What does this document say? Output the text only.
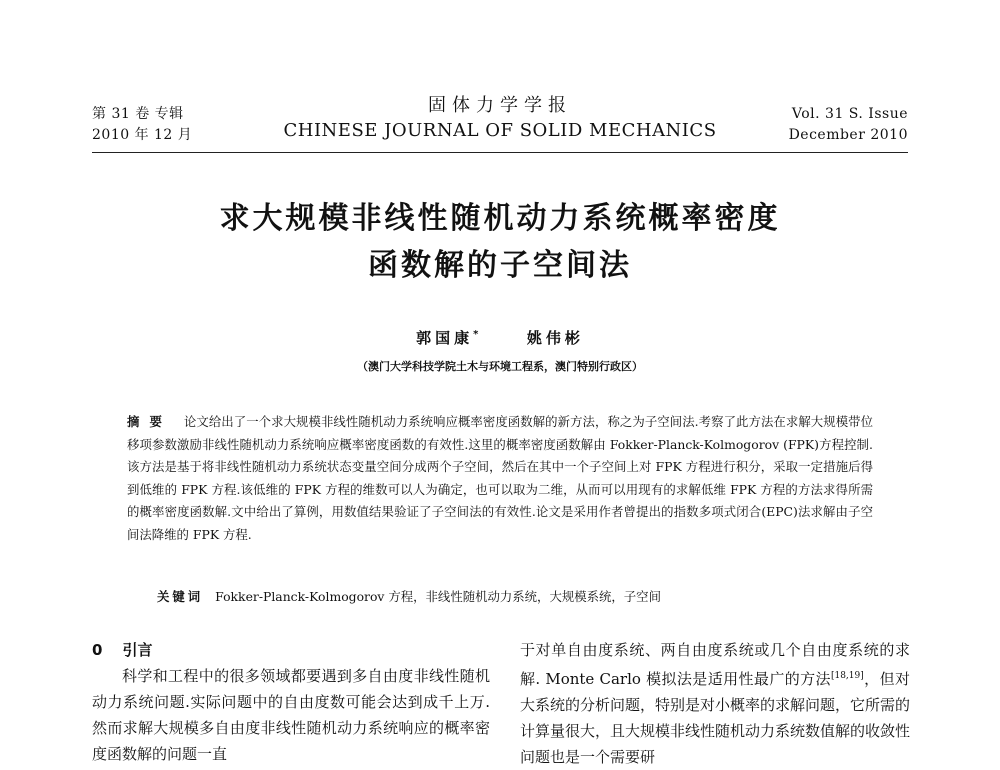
第 31 卷 专辑
2010 年 12 月
固体力学学报
CHINESE JOURNAL OF SOLID MECHANICS
Vol. 31 S. Issue
December 2010
求大规模非线性随机动力系统概率密度
函数解的子空间法
郭国康*	姚伟彬
（澳门大学科技学院土木与环境工程系，澳门特别行政区）
摘要 论文给出了一个求大规模非线性随机动力系统响应概率密度函数解的新方法，称之为子空间法.考察了此方法在求解大规模带位移项参数激励非线性随机动力系统响应概率密度函数的有效性.这里的概率密度函数解由 Fokker-Planck-Kolmogorov (FPK)方程控制.该方法是基于将非线性随机动力系统状态变量空间分成两个子空间，然后在其中一个子空间上对 FPK 方程进行积分，采取一定措施后得到低维的 FPK 方程.该低维的 FPK 方程的维数可以人为确定，也可以取为二维，从而可以用现有的求解低维 FPK 方程的方法求得所需的概率密度函数解.文中给出了算例，用数值结果验证了子空间法的有效性.论文是采用作者曾提出的指数多项式闭合(EPC)法求解由子空间法降维的 FPK 方程.
关键词 Fokker-Planck-Kolmogorov 方程，非线性随机动力系统，大规模系统，子空间
0 引言
科学和工程中的很多领域都要遇到多自由度非线性随机动力系统问题.实际问题中的自由度数可能会达到成千上万.然而求解大规模多自由度非线性随机动力系统响应的概率密度函数解的问题一直
于对单自由度系统、两自由度系统或几个自由度系统的求解. Monte Carlo 模拟法是适用性最广的方法[18,19]，但对大系统的分析问题，特别是对小概率的求解问题，它所需的计算量很大，且大规模非线性随机动力系统数值解的收敛性问题也是一个需要研
